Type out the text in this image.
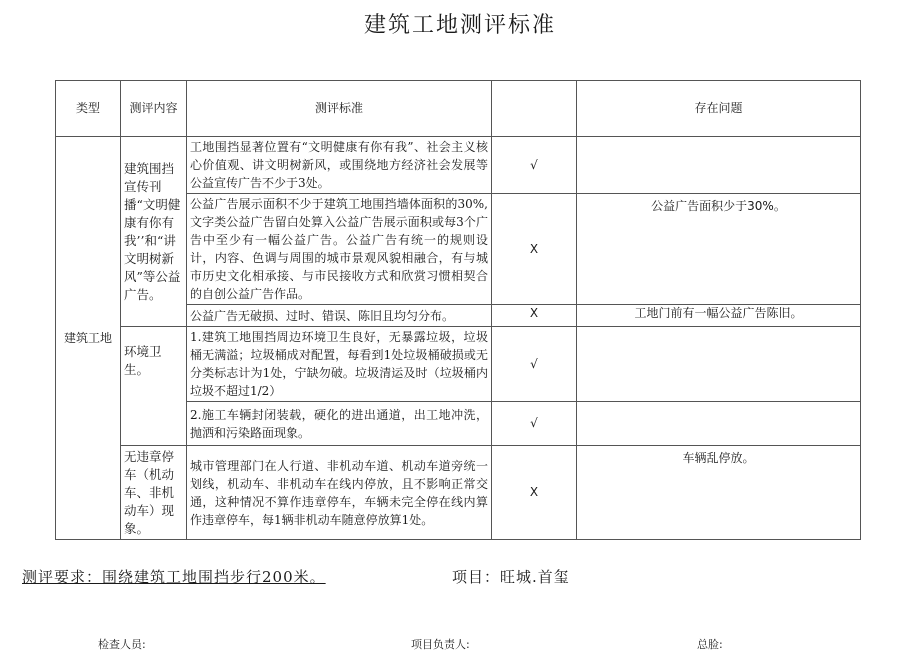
建筑工地测评标准
类型	测评内容	测评标准		存在问题
建筑工地	建筑围挡宣传刊播“文明健康有你有我’’和“讲文明树新风”等公益广告。	工地围挡显著位置有“文明健康有你有我”、社会主义核心价值观、讲文明树新风，或围绕地方经济社会发展等公益宣传广告不少于3处。	√	
		公益广告展示面积不少于建筑工地围挡墙体面积的30%,文字类公益广告留白处算入公益广告展示面积或每3个广告中至少有一幅公益广告。公益广告有统一的规则设计，内容、色调与周围的城市景观风貌相融合，有与城市历史文化相承接、与市民接收方式和欣赏习惯相契合的自创公益广告作品。	X	公益广告面积少于30%。
		公益广告无破损、过时、错误、陈旧且均匀分布。	X	工地门前有一幅公益广告陈旧。
	环境卫生。	1.建筑工地围挡周边环境卫生良好，无暴露垃圾，垃圾桶无满溢；垃圾桶成对配置，每看到1处垃圾桶破损或无分类标志计为1处，宁缺勿破。垃圾清运及时（垃圾桶内垃圾不超过1/2）	√	
		2.施工车辆封闭装载，硬化的进出通道，出工地冲洗，抛洒和污染路面现象。	√	
	无违章停车（机动车、非机动车）现象。	城市管理部门在人行道、非机动车道、机动车道旁统一划线，机动车、非机动车在线内停放，且不影响正常交通，这种情况不算作违章停车，车辆未完全停在线内算作违章停车，每1辆非机动车随意停放算1处。	X	车辆乱停放。
测评要求：围绕建筑工地围挡步行200米。	项目：旺城.首玺
检查人员:	项目负责人:	总脸:
